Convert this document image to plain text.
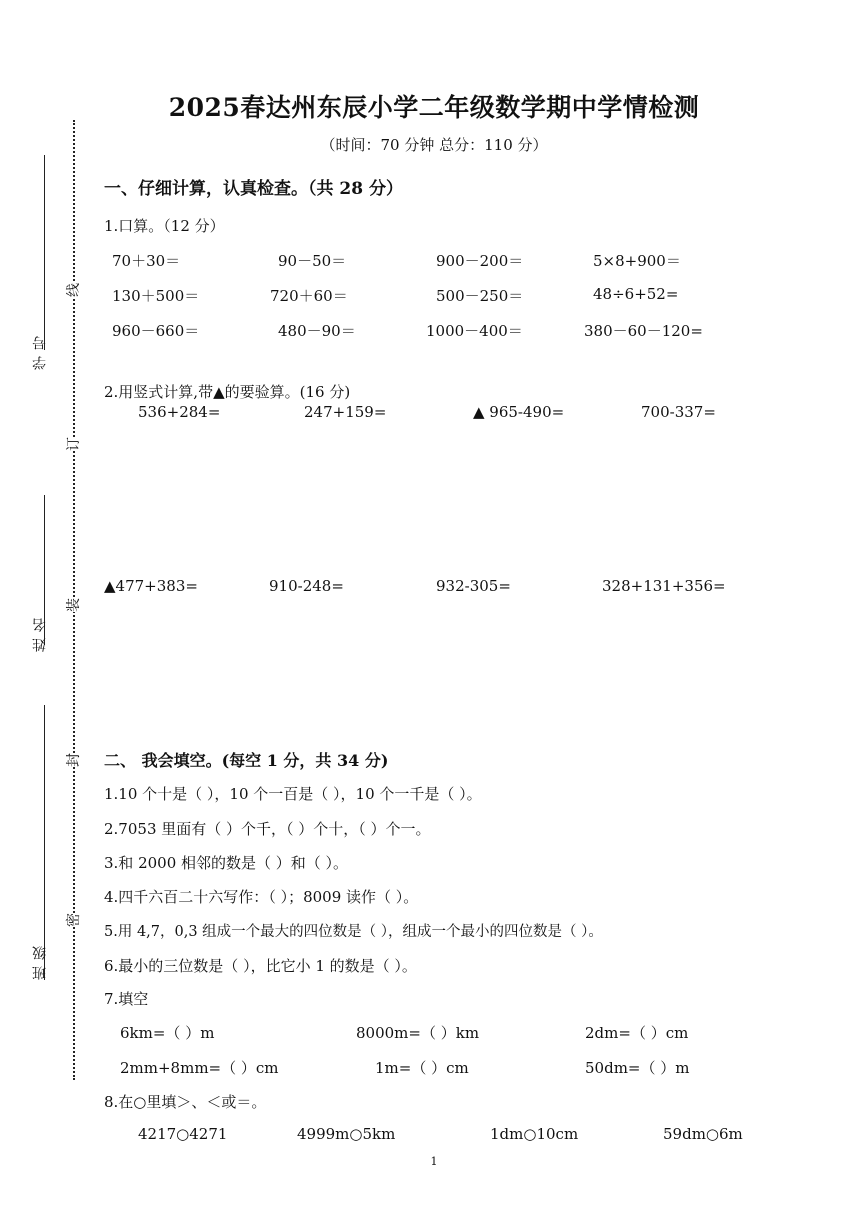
学号
姓名
班级
线
订
装
封
密
2025春达州东辰小学二年级数学期中学情检测
（时间：70 分钟 总分：110 分）
一、仔细计算，认真检查。（共 28 分）
1.口算。（12 分）
70＋30＝	90－50＝	900－200＝	5×8+900＝
130＋500＝	720＋60＝	500－250＝	48÷6+52=
960－660＝	480－90＝	1000－400＝	380－60－120=
2.用竖式计算,带▲的要验算。(16 分)
536+284=	247+159=	▲ 965-490=	700-337=
▲477+383=	910-248=	932-305=	328+131+356=
二、 我会填空。(每空 1 分，共 34 分)
1.10 个十是（ ），10 个一百是（ ），10 个一千是（ ）。
2.7053 里面有（ ）个千，（ ）个十，（ ）个一。
3.和 2000 相邻的数是（ ）和（ ）。
4.四千六百二十六写作：（ ）；8009 读作（ ）。
5.用 4,7，0,3 组成一个最大的四位数是（ ），组成一个最小的四位数是（ ）。
6.最小的三位数是（ ），比它小 1 的数是（ ）。
7.填空
6km=（ ）m	8000m=（ ）km	2dm=（ ）cm
2mm+8mm=（ ）cm	1m=（ ）cm	50dm=（ ）m
8.在○里填＞、＜或＝。
4217○4271	4999m○5km	1dm○10cm	59dm○6m
1
